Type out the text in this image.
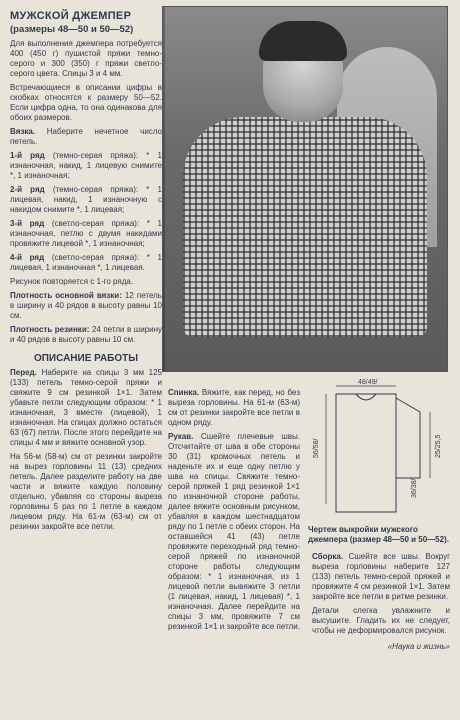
МУЖСКОЙ ДЖЕМПЕР
(размеры 48—50 и 50—52)

Для выполнения джемпера потребуется 400 (450 г) пушистой пряжи темно-серого и 300 (350) г пряжи светло-серого цвета. Спицы 3 и 4 мм.

Встречающиеся в описании цифры в скобках относятся к размеру 50—52. Если цифра одна, то она одинакова для обоих размеров.

Вязка. Наберите нечетное число петель.

1-й ряд (темно-серая пряжа): * 1 изнаночная, накид, 1 лицевую снимите *, 1 изнаночная;

2-й ряд (темно-серая пряжа): * 1 лицевая, накид, 1 изнаночную с накидом снимите *, 1 лицевая;

3-й ряд (светло-серая пряжа): * 1 изнаночная, петлю с двумя накидами провяжите лицевой *, 1 изнаночная;

4-й ряд (светло-серая пряжа): * 1 лицевая, 1 изнаночная *, 1 лицевая.

Рисунок повторяется с 1-го ряда.

Плотность основной вязки: 12 петель в ширину и 40 рядов в высоту равны 10 см.

Плотность резинки: 24 петли в ширину и 40 рядов в высоту равны 10 см.

ОПИСАНИЕ РАБОТЫ

Перед. Наберите на спицы 3 мм 125 (133) петель темно-серой пряжи и свяжите 9 см резинкой 1×1. Затем убавьте петли следующим образом: * 1 изнаночная, 3 вместе (лицевой), 1 изнаночная. На спицах должно остаться 63 (67) петли. После этого перейдите на спицы 4 мм и вяжите основной узор.

На 56-м (58-м) см от резинки закройте на вырез горловины 11 (13) средних петель. Далее разделите работу на две части и вяжите каждую половину отдельно, убавляя со стороны выреза горловины 5 раз по 1 петле в каждом лицевом ряду. На 61-м (63-м) см от резинки закройте все петли.

Спинка. Вяжите, как перед, но без выреза горловины. На 61-м (63-м) см от резинки закройте все петли в одном ряду.

Рукав. Сшейте плечевые швы. Отсчитайте от шва в обе стороны 30 (31) кромочных петель и наденьте их и еще одну петлю у шва на спицы. Свяжите темно-серой пряжей 1 ряд резинкой 1×1 по изнаночной стороне работы, далее вяжите основным рисунком, убавляя в каждом шестнадцатом ряду по 1 петле с обеих сторон. На оставшейся 41 (43) петле провяжите переходный ряд темно-серой пряжей по изнаночной стороне работы следующим образом: * 1 изнаночная, из 1 лицевой петли вывяжите 3 петли (1 лицевая, накид, 1 лицевая) *, 1 изнаночная. Далее перейдите на спицы 3 мм, провяжите 7 см резинкой 1×1 и закройте все петли.

48/49/
56/58/
36/38/
25/25,5
Чертеж выкройки мужского джемпера (размер 48—50 и 50—52).

Сборка. Сшейте все швы. Вокруг выреза горловины наберите 127 (133) петель темно-серой пряжей и провяжите 4 см резинкой 1×1. Затем закройте все петли в ритме резинки.

Детали слегка увлажните и высушите. Гладить их не следует, чтобы не деформировался рисунок.

«Наука и жизнь»
